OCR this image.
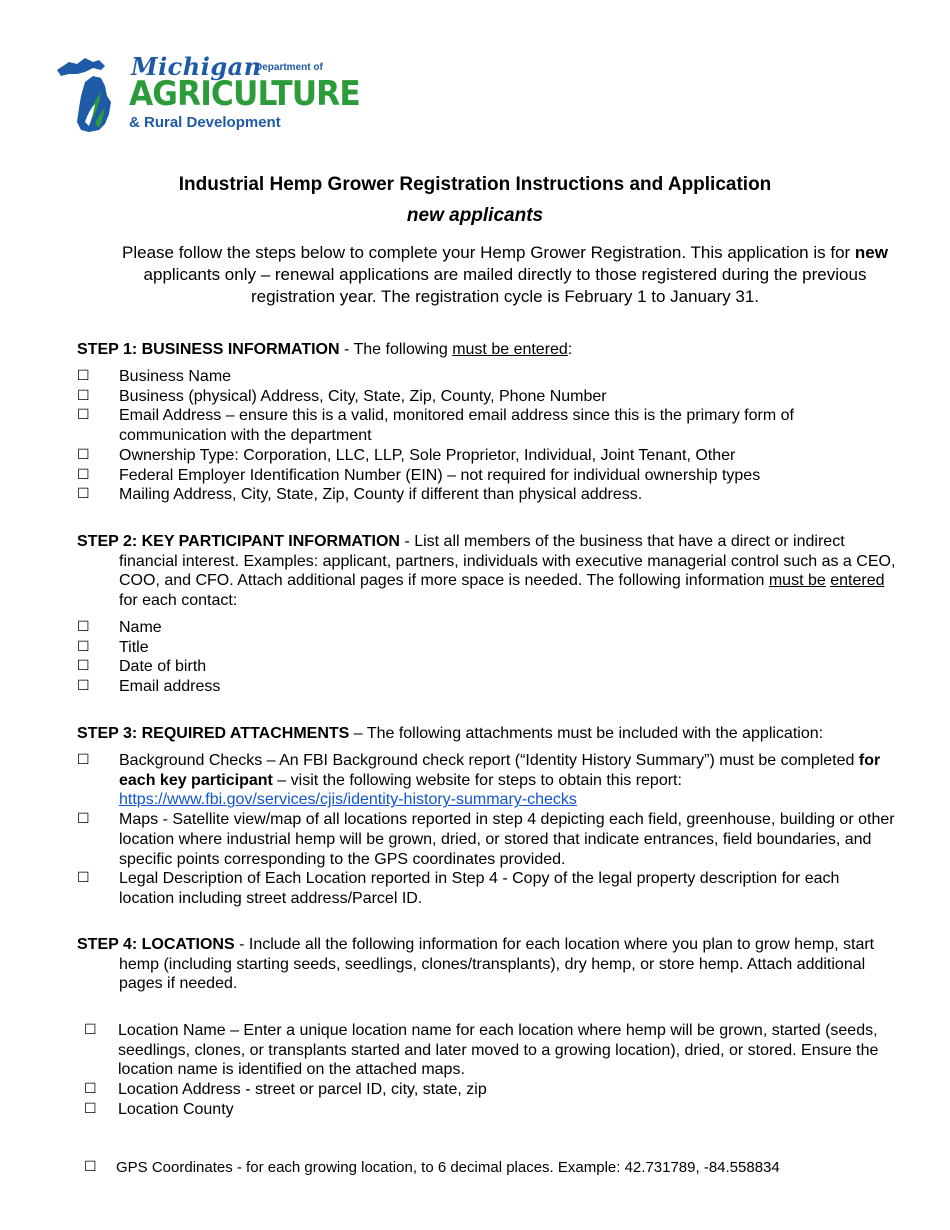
Michigan
Department of
AGRICULTURE
& Rural Development
Industrial Hemp Grower Registration Instructions and Application
new applicants
Please follow the steps below to complete your Hemp Grower Registration. This application is for new applicants only – renewal applications are mailed directly to those registered during the previous registration year. The registration cycle is February 1 to January 31.
STEP 1: BUSINESS INFORMATION - The following must be entered:
☐	Business Name
☐	Business (physical) Address, City, State, Zip, County, Phone Number
☐	Email Address – ensure this is a valid, monitored email address since this is the primary form of communication with the department
☐	Ownership Type: Corporation, LLC, LLP, Sole Proprietor, Individual, Joint Tenant, Other
☐	Federal Employer Identification Number (EIN) – not required for individual ownership types
☐	Mailing Address, City, State, Zip, County if different than physical address.
STEP 2: KEY PARTICIPANT INFORMATION - List all members of the business that have a direct or indirect financial interest. Examples: applicant, partners, individuals with executive managerial control such as a CEO, COO, and CFO. Attach additional pages if more space is needed. The following information must be entered for each contact:
☐	Name
☐	Title
☐	Date of birth
☐	Email address
STEP 3: REQUIRED ATTACHMENTS – The following attachments must be included with the application:
☐	Background Checks – An FBI Background check report (“Identity History Summary”) must be completed for each key participant – visit the following website for steps to obtain this report: https://www.fbi.gov/services/cjis/identity-history-summary-checks
☐	Maps - Satellite view/map of all locations reported in step 4 depicting each field, greenhouse, building or other location where industrial hemp will be grown, dried, or stored that indicate entrances, field boundaries, and specific points corresponding to the GPS coordinates provided.
☐	Legal Description of Each Location reported in Step 4 - Copy of the legal property description for each location including street address/Parcel ID.
STEP 4: LOCATIONS - Include all the following information for each location where you plan to grow hemp, start hemp (including starting seeds, seedlings, clones/transplants), dry hemp, or store hemp. Attach additional pages if needed.
☐	Location Name – Enter a unique location name for each location where hemp will be grown, started (seeds, seedlings, clones, or transplants started and later moved to a growing location), dried, or stored. Ensure the location name is identified on the attached maps.
☐	Location Address - street or parcel ID, city, state, zip
☐	Location County
☐	GPS Coordinates - for each growing location, to 6 decimal places. Example: 42.731789, -84.558834
